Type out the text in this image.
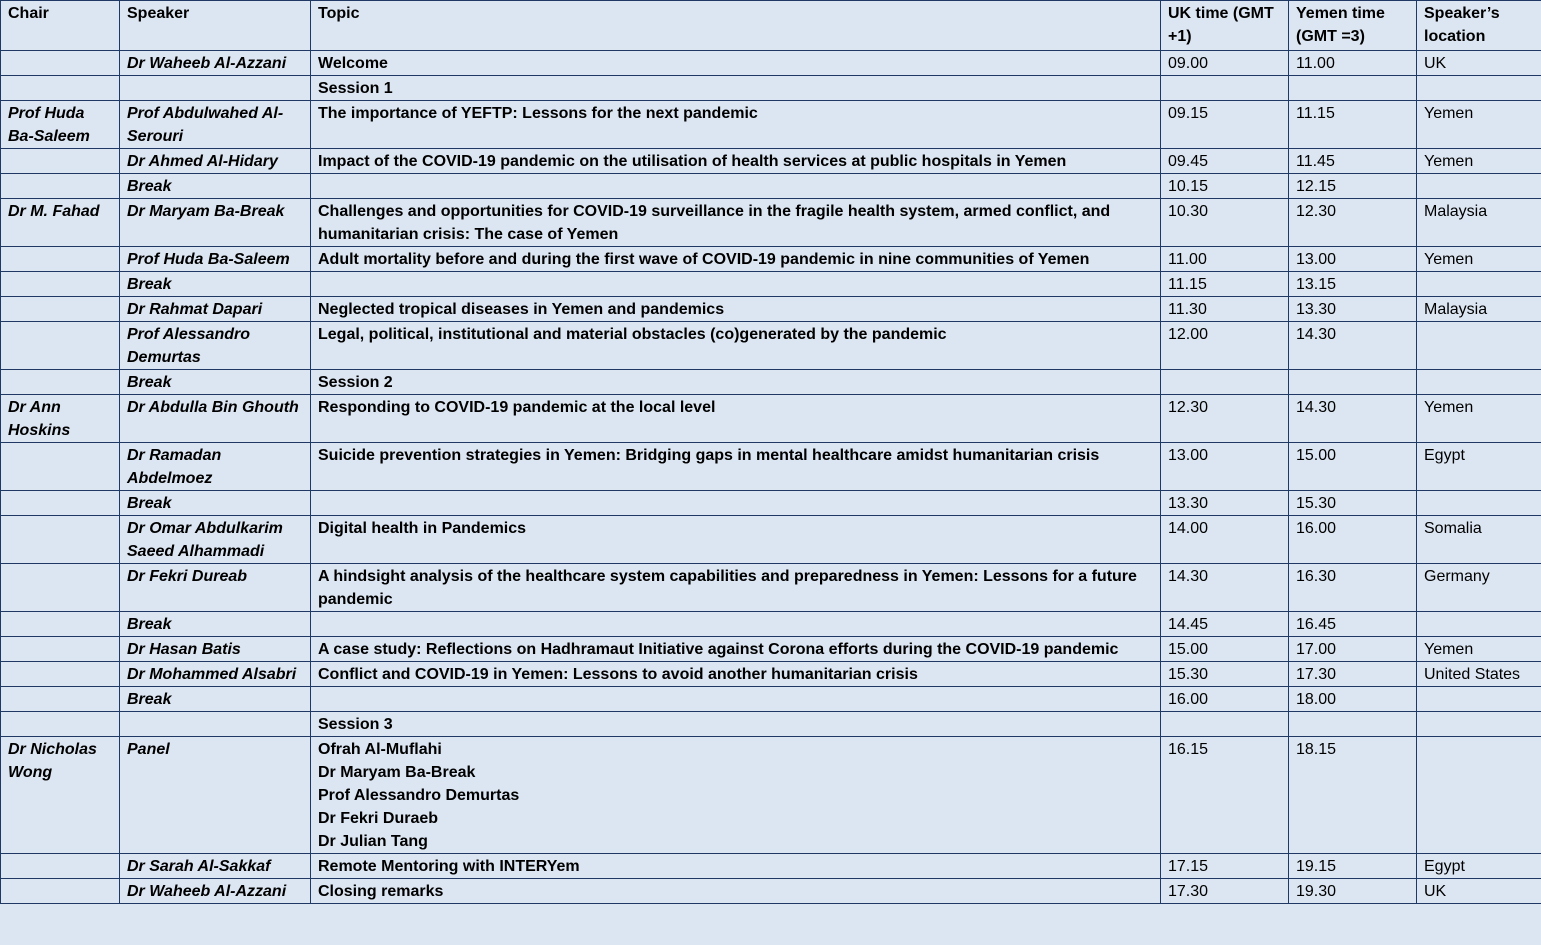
Chair	Speaker	Topic	UK time (GMT +1)	Yemen time (GMT =3)	Speaker’s location
	Dr Waheeb Al-Azzani	Welcome	09.00	11.00	UK
		Session 1			
Prof Huda Ba-Saleem	Prof Abdulwahed Al-Serouri	The importance of YEFTP: Lessons for the next pandemic	09.15	11.15	Yemen
	Dr Ahmed Al-Hidary	Impact of the COVID-19 pandemic on the utilisation of health services at public hospitals in Yemen	09.45	11.45	Yemen
	Break		10.15	12.15	
Dr M. Fahad	Dr Maryam Ba-Break	Challenges and opportunities for COVID-19 surveillance in the fragile health system, armed conflict, and humanitarian crisis: The case of Yemen	10.30	12.30	Malaysia
	Prof Huda Ba-Saleem	Adult mortality before and during the first wave of COVID-19 pandemic in nine communities of Yemen	11.00	13.00	Yemen
	Break		11.15	13.15	
	Dr Rahmat Dapari	Neglected tropical diseases in Yemen and pandemics	11.30	13.30	Malaysia
	Prof Alessandro Demurtas	Legal, political, institutional and material obstacles (co)generated by the pandemic	12.00	14.30	
	Break	Session 2			
Dr Ann Hoskins	Dr Abdulla Bin Ghouth	Responding to COVID-19 pandemic at the local level	12.30	14.30	Yemen
	Dr Ramadan Abdelmoez	Suicide prevention strategies in Yemen: Bridging gaps in mental healthcare amidst humanitarian crisis	13.00	15.00	Egypt
	Break		13.30	15.30	
	Dr Omar Abdulkarim Saeed Alhammadi	Digital health in Pandemics	14.00	16.00	Somalia
	Dr Fekri Dureab	A hindsight analysis of the healthcare system capabilities and preparedness in Yemen: Lessons for a future pandemic	14.30	16.30	Germany
	Break		14.45	16.45	
	Dr Hasan Batis	A case study: Reflections on Hadhramaut Initiative against Corona efforts during the COVID-19 pandemic	15.00	17.00	Yemen
	Dr Mohammed Alsabri	Conflict and COVID-19 in Yemen: Lessons to avoid another humanitarian crisis	15.30	17.30	United States
	Break		16.00	18.00	
		Session 3			
Dr Nicholas Wong	Panel	Ofrah Al-Muflahi
Dr Maryam Ba-Break
Prof Alessandro Demurtas
Dr Fekri Duraeb
Dr Julian Tang	16.15	18.15	
	Dr Sarah Al-Sakkaf	Remote Mentoring with INTERYem	17.15	19.15	Egypt
	Dr Waheeb Al-Azzani	Closing remarks	17.30	19.30	UK
